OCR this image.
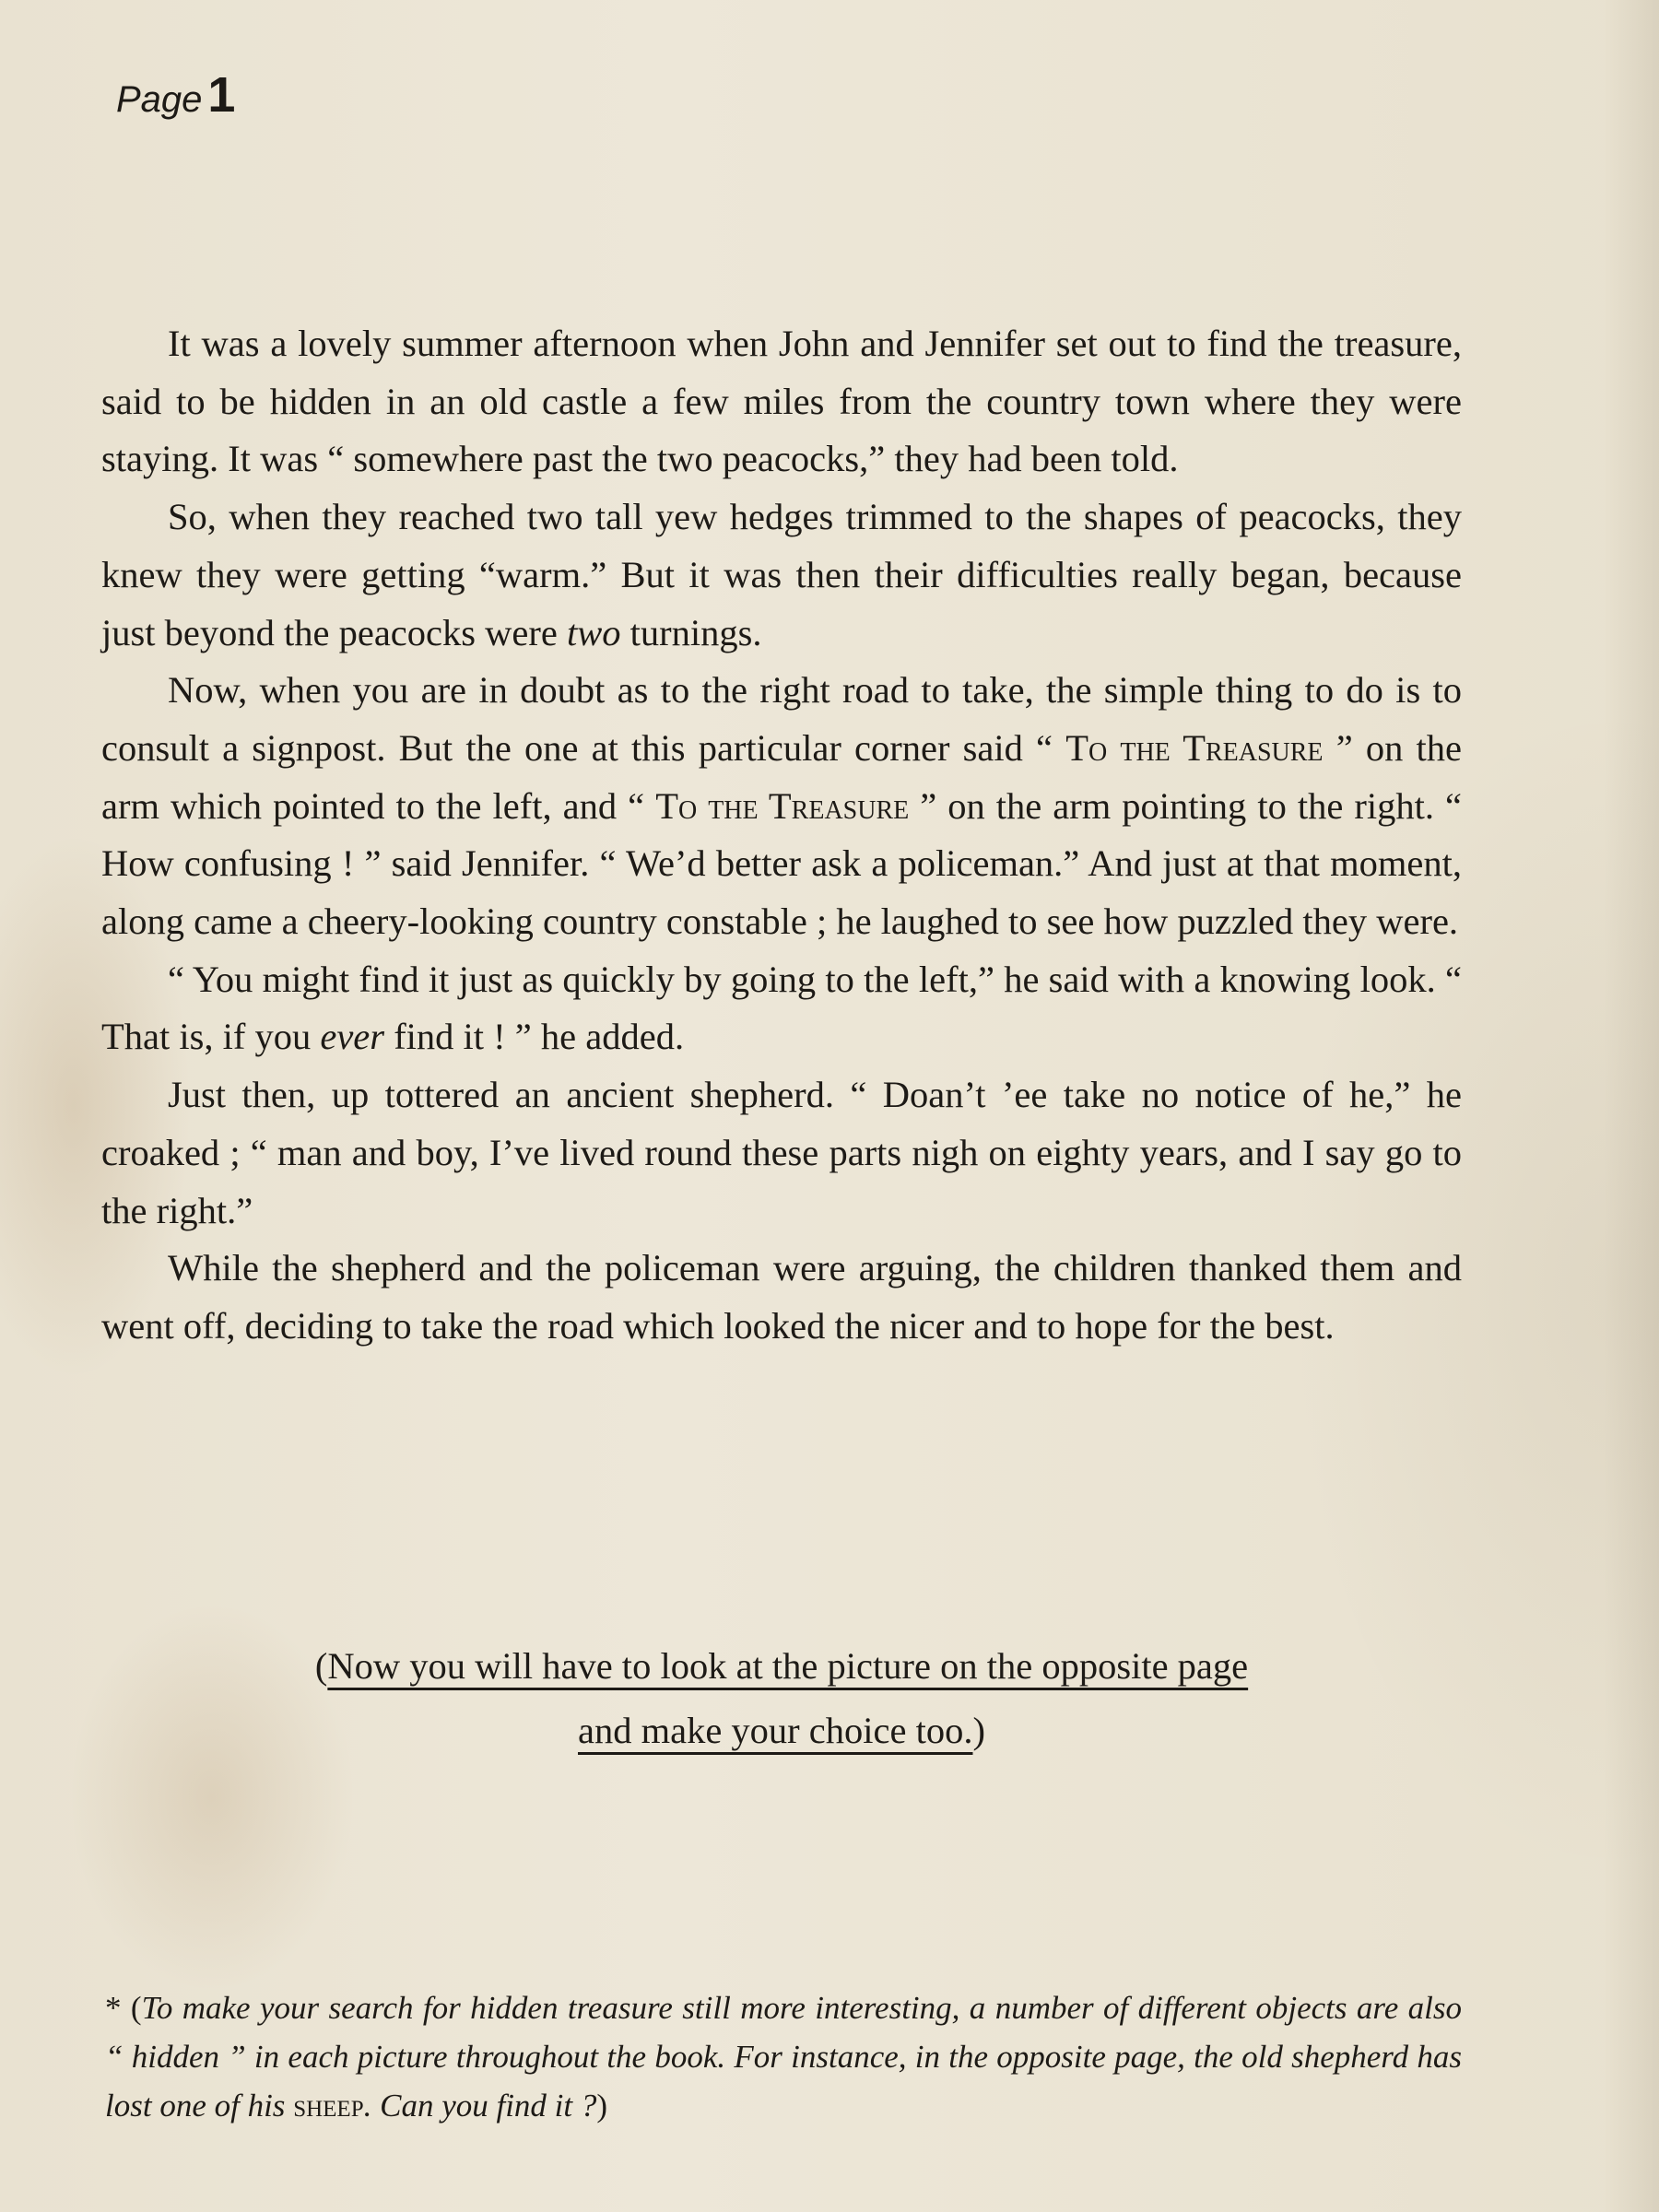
Page 1

It was a lovely summer afternoon when John and Jennifer set out to find the treasure, said to be hidden in an old castle a few miles from the country town where they were staying. It was “ somewhere past the two peacocks,” they had been told.

So, when they reached two tall yew hedges trimmed to the shapes of peacocks, they knew they were getting “warm.” But it was then their difficulties really began, because just beyond the peacocks were two turnings.

Now, when you are in doubt as to the right road to take, the simple thing to do is to consult a signpost. But the one at this particular corner said “ To the Treasure ” on the arm which pointed to the left, and “ To the Treasure ” on the arm pointing to the right. “ How confusing ! ” said Jennifer. “ We’d better ask a policeman.” And just at that moment, along came a cheery-looking country constable ; he laughed to see how puzzled they were.

“ You might find it just as quickly by going to the left,” he said with a knowing look. “ That is, if you ever find it ! ” he added.

Just then, up tottered an ancient shepherd. “ Doan’t ’ee take no notice of he,” he croaked ; “ man and boy, I’ve lived round these parts nigh on eighty years, and I say go to the right.”

While the shepherd and the policeman were arguing, the children thanked them and went off, deciding to take the road which looked the nicer and to hope for the best.

(Now you will have to look at the picture on the opposite page
and make your choice too.)
* (To make your search for hidden treasure still more interesting, a number of different objects are also “ hidden ” in each picture throughout the book. For instance, in the opposite page, the old shepherd has lost one of his sheep. Can you find it ?)
